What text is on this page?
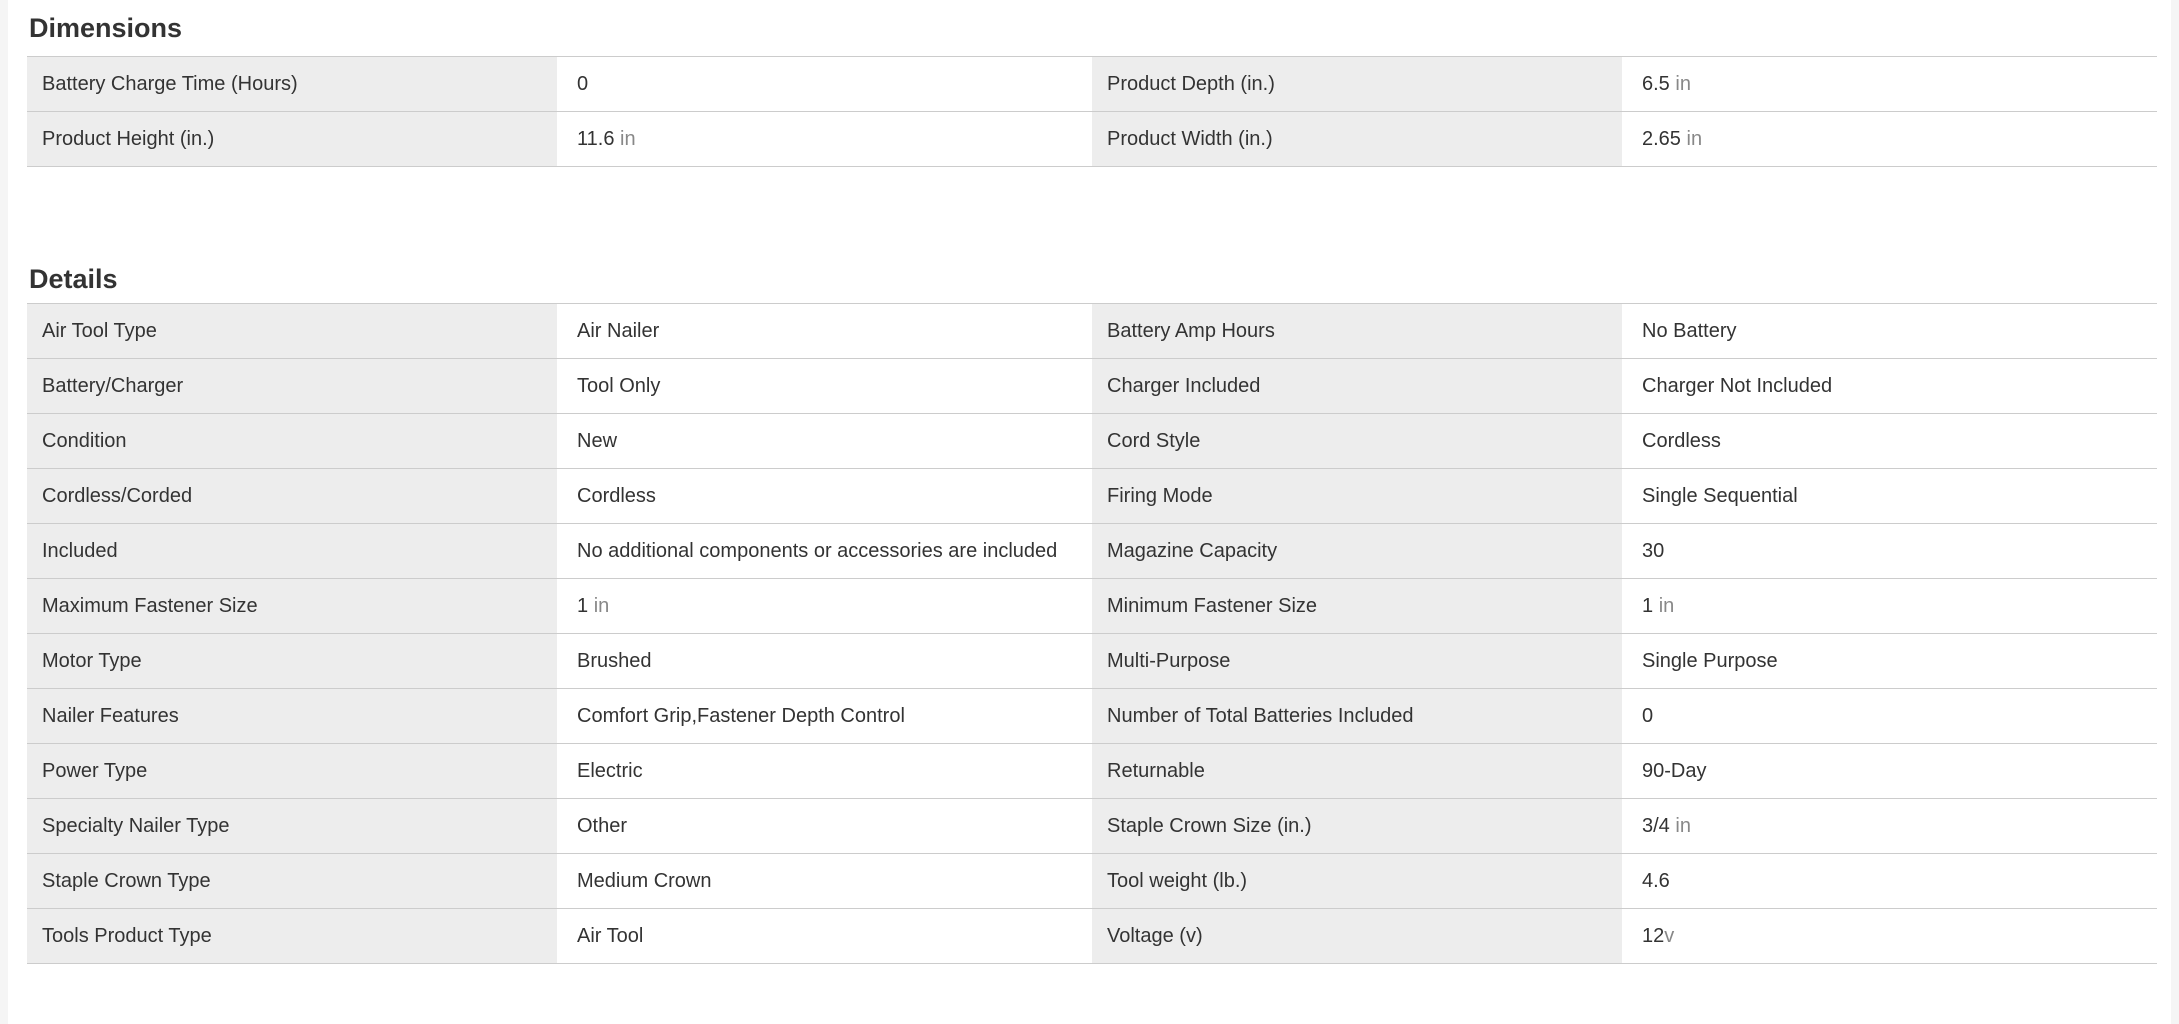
Dimensions
Battery Charge Time (Hours)	0	Product Depth (in.)	6.5 in
Product Height (in.)	11.6 in	Product Width (in.)	2.65 in
Details
Air Tool Type	Air Nailer	Battery Amp Hours	No Battery
Battery/Charger	Tool Only	Charger Included	Charger Not Included
Condition	New	Cord Style	Cordless
Cordless/Corded	Cordless	Firing Mode	Single Sequential
Included	No additional components or accessories are included	Magazine Capacity	30
Maximum Fastener Size	1 in	Minimum Fastener Size	1 in
Motor Type	Brushed	Multi-Purpose	Single Purpose
Nailer Features	Comfort Grip,Fastener Depth Control	Number of Total Batteries Included	0
Power Type	Electric	Returnable	90-Day
Specialty Nailer Type	Other	Staple Crown Size (in.)	3/4 in
Staple Crown Type	Medium Crown	Tool weight (lb.)	4.6
Tools Product Type	Air Tool	Voltage (v)	12v
